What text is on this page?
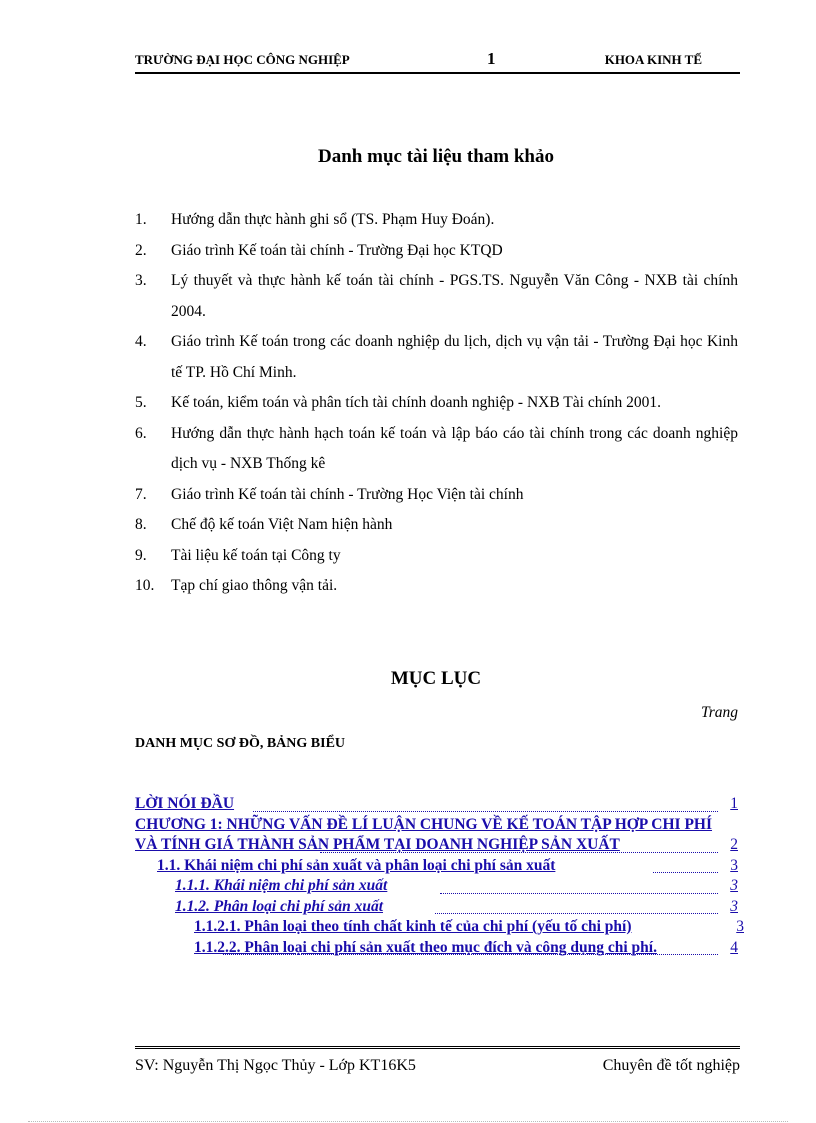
TRƯỜNG ĐẠI HỌC CÔNG NGHIỆP	1	KHOA KINH TẾ
Danh mục tài liệu tham khảo
1. Hướng dẫn thực hành ghi sổ (TS. Phạm Huy Đoán).
2. Giáo trình Kế toán tài chính - Trường Đại học KTQD
3. Lý thuyết và thực hành kế toán tài chính - PGS.TS. Nguyễn Văn Công - NXB tài chính 2004.
4. Giáo trình Kế toán trong các doanh nghiệp du lịch, dịch vụ vận tải - Trường Đại học Kinh tế TP. Hồ Chí Minh.
5. Kế toán, kiểm toán và phân tích tài chính doanh nghiệp - NXB Tài chính 2001.
6. Hướng dẫn thực hành hạch toán kế toán và lập báo cáo tài chính trong các doanh nghiệp dịch vụ - NXB Thống kê
7. Giáo trình Kế toán tài chính - Trường Học Viện tài chính
8. Chế độ kế toán Việt Nam hiện hành
9. Tài liệu kế toán tại Công ty
10. Tạp chí giao thông vận tải.
MỤC LỤC
Trang
DANH MỤC SƠ ĐỒ, BẢNG BIỂU
LỜI NÓI ĐẦU	1
CHƯƠNG 1: NHỮNG VẤN ĐỀ LÍ LUẬN CHUNG VỀ KẾ TOÁN TẬP HỢP CHI PHÍ VÀ TÍNH GIÁ THÀNH SẢN PHẨM TẠI DOANH NGHIỆP SẢN XUẤT	2
1.1. Khái niệm chi phí sản xuất và phân loại chi phí sản xuất	3
1.1.1. Khái niệm chi phí sản xuất	3
1.1.2. Phân loại chi phí sản xuất	3
1.1.2.1. Phân loại theo tính chất kinh tế của chi phí (yếu tố chi phí)	3
1.1.2.2. Phân loại chi phí sản xuất theo mục đích và công dụng chi phí.	4
SV: Nguyễn Thị Ngọc Thủy - Lớp KT16K5	Chuyên đề tốt nghiệp
